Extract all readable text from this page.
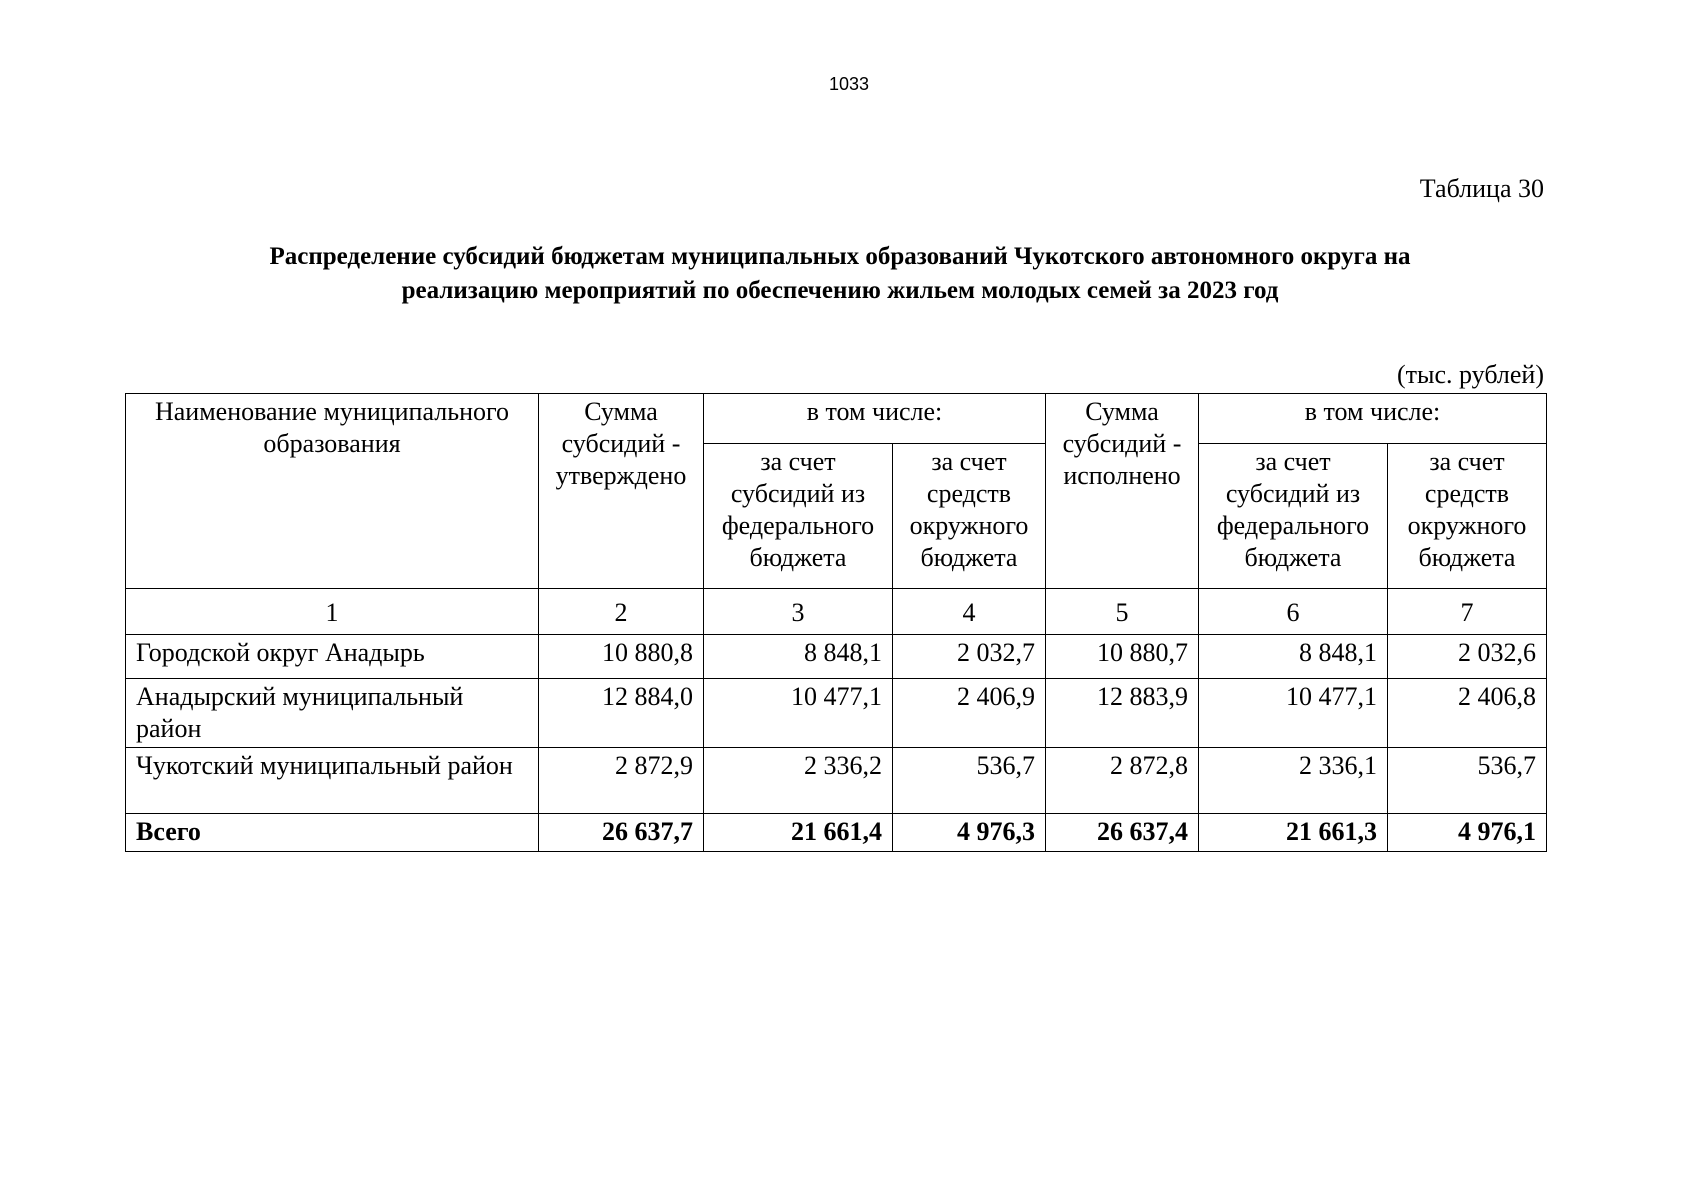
1033
Таблица 30
Распределение субсидий бюджетам муниципальных образований Чукотского автономного округа на
реализацию мероприятий по обеспечению жильем молодых семей за 2023 год
(тыс. рублей)
Наименование муниципального образования	Сумма субсидий - утверждено	в том числе:		Сумма субсидий - исполнено	в том числе:	
		за счет субсидий из федерального бюджета	за счет средств окружного бюджета		за счет субсидий из федерального бюджета	за счет средств окружного бюджета
1	2	3	4	5	6	7
Городской округ Анадырь	10 880,8	8 848,1	2 032,7	10 880,7	8 848,1	2 032,6
Анадырский муниципальный район	12 884,0	10 477,1	2 406,9	12 883,9	10 477,1	2 406,8
Чукотский муниципальный район	2 872,9	2 336,2	536,7	2 872,8	2 336,1	536,7
Всего	26 637,7	21 661,4	4 976,3	26 637,4	21 661,3	4 976,1
